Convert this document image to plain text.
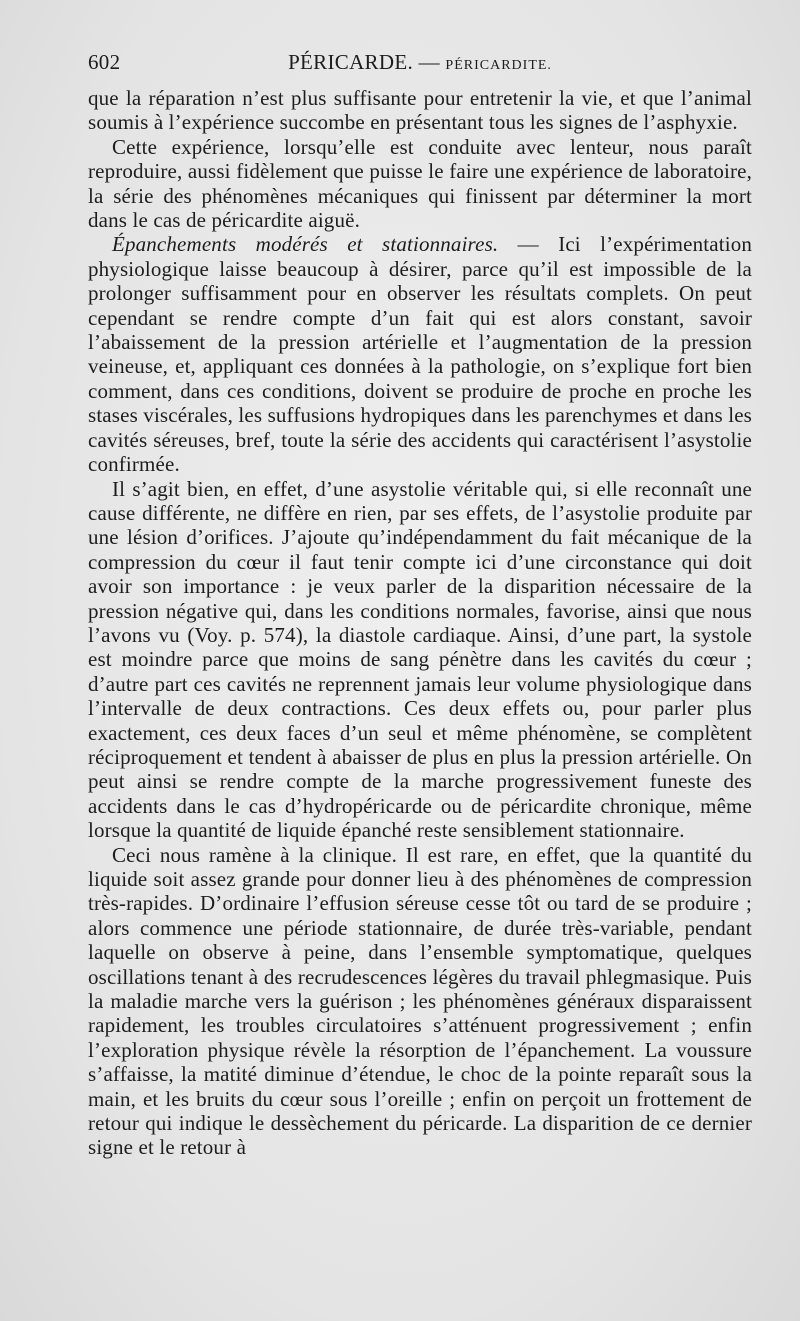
602	PÉRICARDE. — PÉRICARDITE.

que la réparation n’est plus suffisante pour entretenir la vie, et que l’animal soumis à l’expérience succombe en présentant tous les signes de l’asphyxie.

Cette expérience, lorsqu’elle est conduite avec lenteur, nous paraît reproduire, aussi fidèlement que puisse le faire une expérience de laboratoire, la série des phénomènes mécaniques qui finissent par déterminer la mort dans le cas de péricardite aiguë.

Épanchements modérés et stationnaires. — Ici l’expérimentation physiologique laisse beaucoup à désirer, parce qu’il est impossible de la prolonger suffisamment pour en observer les résultats complets. On peut cependant se rendre compte d’un fait qui est alors constant, savoir l’abaissement de la pression artérielle et l’augmentation de la pression veineuse, et, appliquant ces données à la pathologie, on s’explique fort bien comment, dans ces conditions, doivent se produire de proche en proche les stases viscérales, les suffusions hydropiques dans les parenchymes et dans les cavités séreuses, bref, toute la série des accidents qui caractérisent l’asystolie confirmée.

Il s’agit bien, en effet, d’une asystolie véritable qui, si elle reconnaît une cause différente, ne diffère en rien, par ses effets, de l’asystolie produite par une lésion d’orifices. J’ajoute qu’indépendamment du fait mécanique de la compression du cœur il faut tenir compte ici d’une circonstance qui doit avoir son importance : je veux parler de la disparition nécessaire de la pression négative qui, dans les conditions normales, favorise, ainsi que nous l’avons vu (Voy. p. 574), la diastole cardiaque. Ainsi, d’une part, la systole est moindre parce que moins de sang pénètre dans les cavités du cœur ; d’autre part ces cavités ne reprennent jamais leur volume physiologique dans l’intervalle de deux contractions. Ces deux effets ou, pour parler plus exactement, ces deux faces d’un seul et même phénomène, se complètent réciproquement et tendent à abaisser de plus en plus la pression artérielle. On peut ainsi se rendre compte de la marche progressivement funeste des accidents dans le cas d’hydropéricarde ou de péricardite chronique, même lorsque la quantité de liquide épanché reste sensiblement stationnaire.

Ceci nous ramène à la clinique. Il est rare, en effet, que la quantité du liquide soit assez grande pour donner lieu à des phénomènes de compression très-rapides. D’ordinaire l’effusion séreuse cesse tôt ou tard de se produire ; alors commence une période stationnaire, de durée très-variable, pendant laquelle on observe à peine, dans l’ensemble symptomatique, quelques oscillations tenant à des recrudescences légères du travail phlegmasique. Puis la maladie marche vers la guérison ; les phénomènes généraux disparaissent rapidement, les troubles circulatoires s’atténuent progressivement ; enfin l’exploration physique révèle la résorption de l’épanchement. La voussure s’affaisse, la matité diminue d’étendue, le choc de la pointe reparaît sous la main, et les bruits du cœur sous l’oreille ; enfin on perçoit un frottement de retour qui indique le dessèchement du péricarde. La disparition de ce dernier signe et le retour à
